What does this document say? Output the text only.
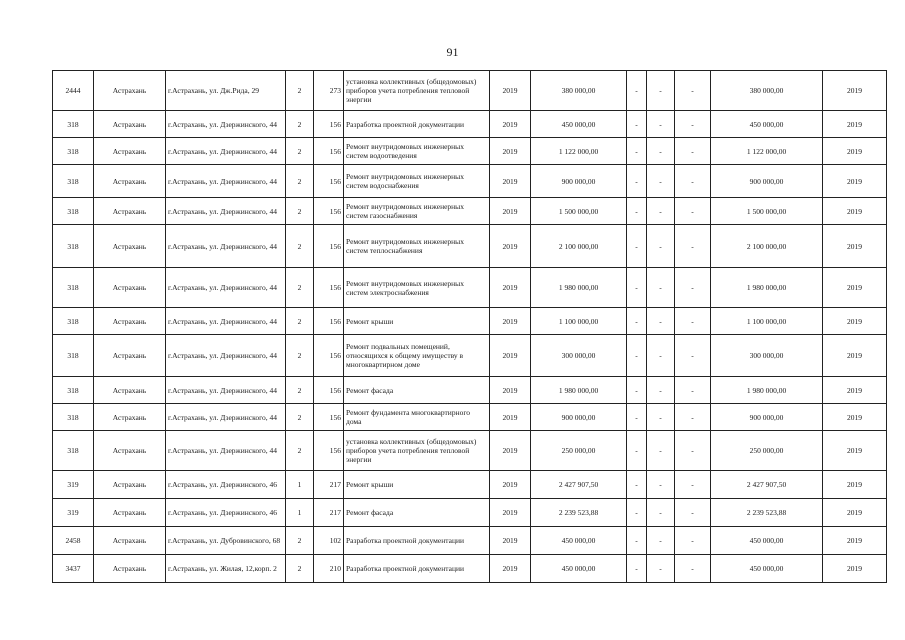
91
2444	Астрахань	г.Астрахань, ул. Дж.Рида, 29	2	273	установка коллективных (общедомовых) приборов учета потребления тепловой энергии	2019	380 000,00	-	-	-	380 000,00	2019
318	Астрахань	г.Астрахань, ул. Дзержинского, 44	2	156	Разработка проектной документации	2019	450 000,00	-	-	-	450 000,00	2019
318	Астрахань	г.Астрахань, ул. Дзержинского, 44	2	156	Ремонт внутридомовых инженерных систем водоотведения	2019	1 122 000,00	-	-	-	1 122 000,00	2019
318	Астрахань	г.Астрахань, ул. Дзержинского, 44	2	156	Ремонт внутридомовых инженерных систем водоснабжения	2019	900 000,00	-	-	-	900 000,00	2019
318	Астрахань	г.Астрахань, ул. Дзержинского, 44	2	156	Ремонт внутридомовых инженерных систем газоснабжения	2019	1 500 000,00	-	-	-	1 500 000,00	2019
318	Астрахань	г.Астрахань, ул. Дзержинского, 44	2	156	Ремонт внутридомовых инженерных систем теплоснабжения	2019	2 100 000,00	-	-	-	2 100 000,00	2019
318	Астрахань	г.Астрахань, ул. Дзержинского, 44	2	156	Ремонт внутридомовых инженерных систем электроснабжения	2019	1 980 000,00	-	-	-	1 980 000,00	2019
318	Астрахань	г.Астрахань, ул. Дзержинского, 44	2	156	Ремонт крыши	2019	1 100 000,00	-	-	-	1 100 000,00	2019
318	Астрахань	г.Астрахань, ул. Дзержинского, 44	2	156	Ремонт подвальных помещений, относящихся к общему имуществу в многоквартирном доме	2019	300 000,00	-	-	-	300 000,00	2019
318	Астрахань	г.Астрахань, ул. Дзержинского, 44	2	156	Ремонт фасада	2019	1 980 000,00	-	-	-	1 980 000,00	2019
318	Астрахань	г.Астрахань, ул. Дзержинского, 44	2	156	Ремонт фундамента многоквартирного дома	2019	900 000,00	-	-	-	900 000,00	2019
318	Астрахань	г.Астрахань, ул. Дзержинского, 44	2	156	установка коллективных (общедомовых) приборов учета потребления тепловой энергии	2019	250 000,00	-	-	-	250 000,00	2019
319	Астрахань	г.Астрахань, ул. Дзержинского, 46	1	217	Ремонт крыши	2019	2 427 907,50	-	-	-	2 427 907,50	2019
319	Астрахань	г.Астрахань, ул. Дзержинского, 46	1	217	Ремонт фасада	2019	2 239 523,88	-	-	-	2 239 523,88	2019
2458	Астрахань	г.Астрахань, ул. Дубровинского, 68	2	102	Разработка проектной документации	2019	450 000,00	-	-	-	450 000,00	2019
3437	Астрахань	г.Астрахань, ул. Жилая, 12,корп. 2	2	210	Разработка проектной документации	2019	450 000,00	-	-	-	450 000,00	2019
